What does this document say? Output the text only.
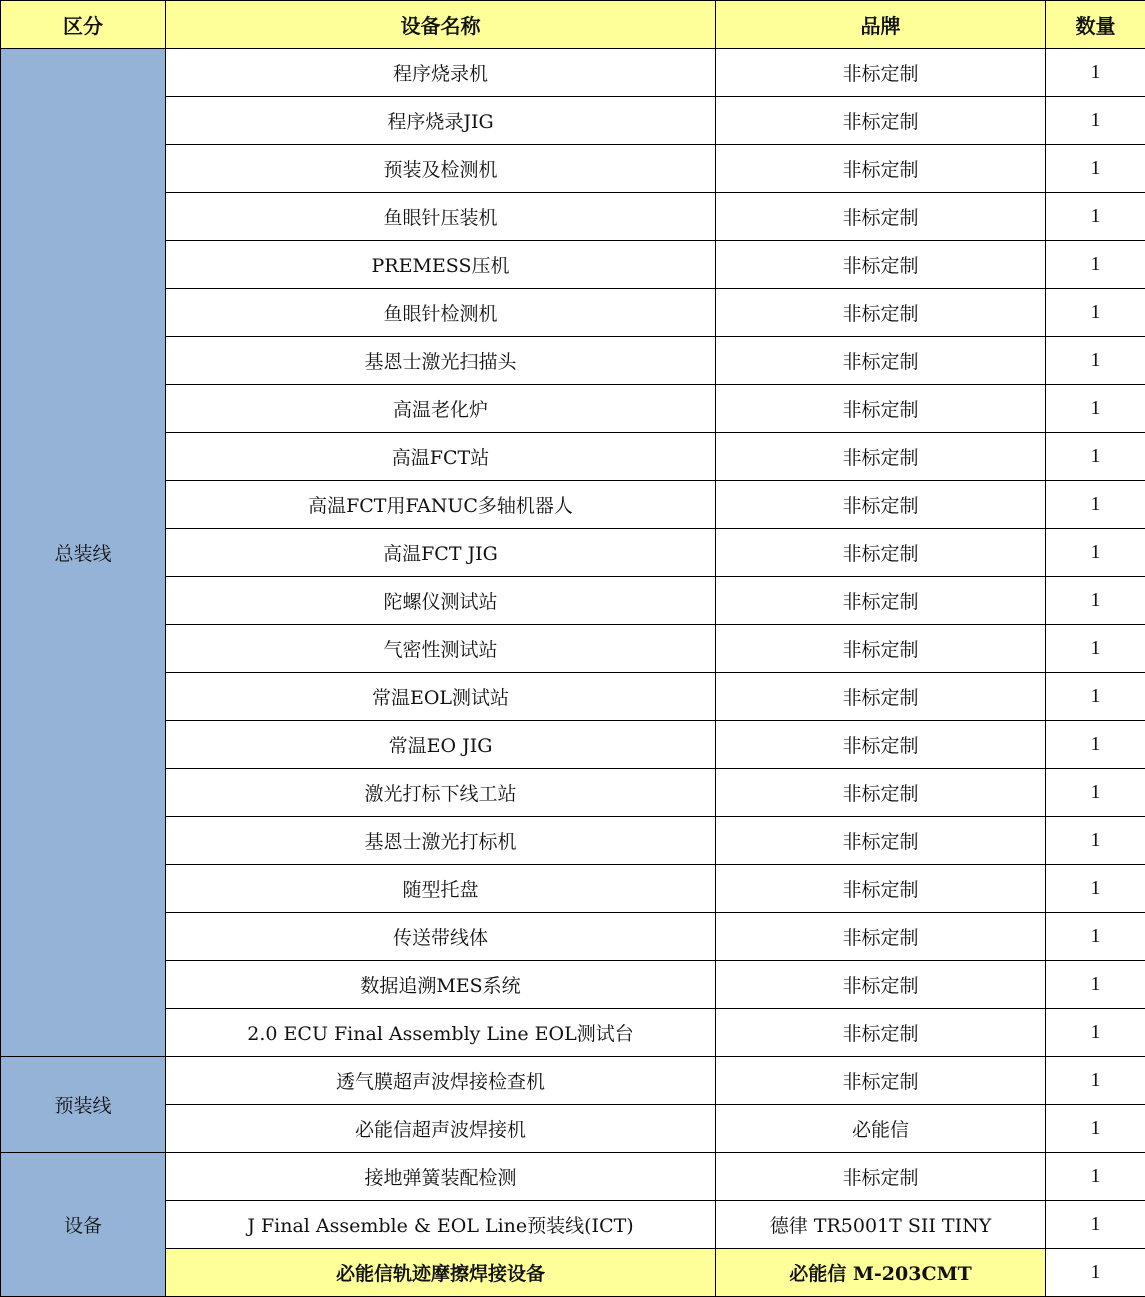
区分	设备名称	品牌	数量
总装线	程序烧录机	非标定制	1
	程序烧录JIG	非标定制	1
	预装及检测机	非标定制	1
	鱼眼针压装机	非标定制	1
	PREMESS压机	非标定制	1
	鱼眼针检测机	非标定制	1
	基恩士激光扫描头	非标定制	1
	高温老化炉	非标定制	1
	高温FCT站	非标定制	1
	高温FCT用FANUC多轴机器人	非标定制	1
	高温FCT JIG	非标定制	1
	陀螺仪测试站	非标定制	1
	气密性测试站	非标定制	1
	常温EOL测试站	非标定制	1
	常温EO JIG	非标定制	1
	激光打标下线工站	非标定制	1
	基恩士激光打标机	非标定制	1
	随型托盘	非标定制	1
	传送带线体	非标定制	1
	数据追溯MES系统	非标定制	1
	2.0 ECU Final Assembly Line EOL测试台	非标定制	1
预装线	透气膜超声波焊接检查机	非标定制	1
	必能信超声波焊接机	必能信	1
设备	接地弹簧装配检测	非标定制	1
	J Final Assemble & EOL Line预装线(ICT)	德律 TR5001T SII TINY	1
	必能信轨迹摩擦焊接设备	必能信 M-203CMT	1
